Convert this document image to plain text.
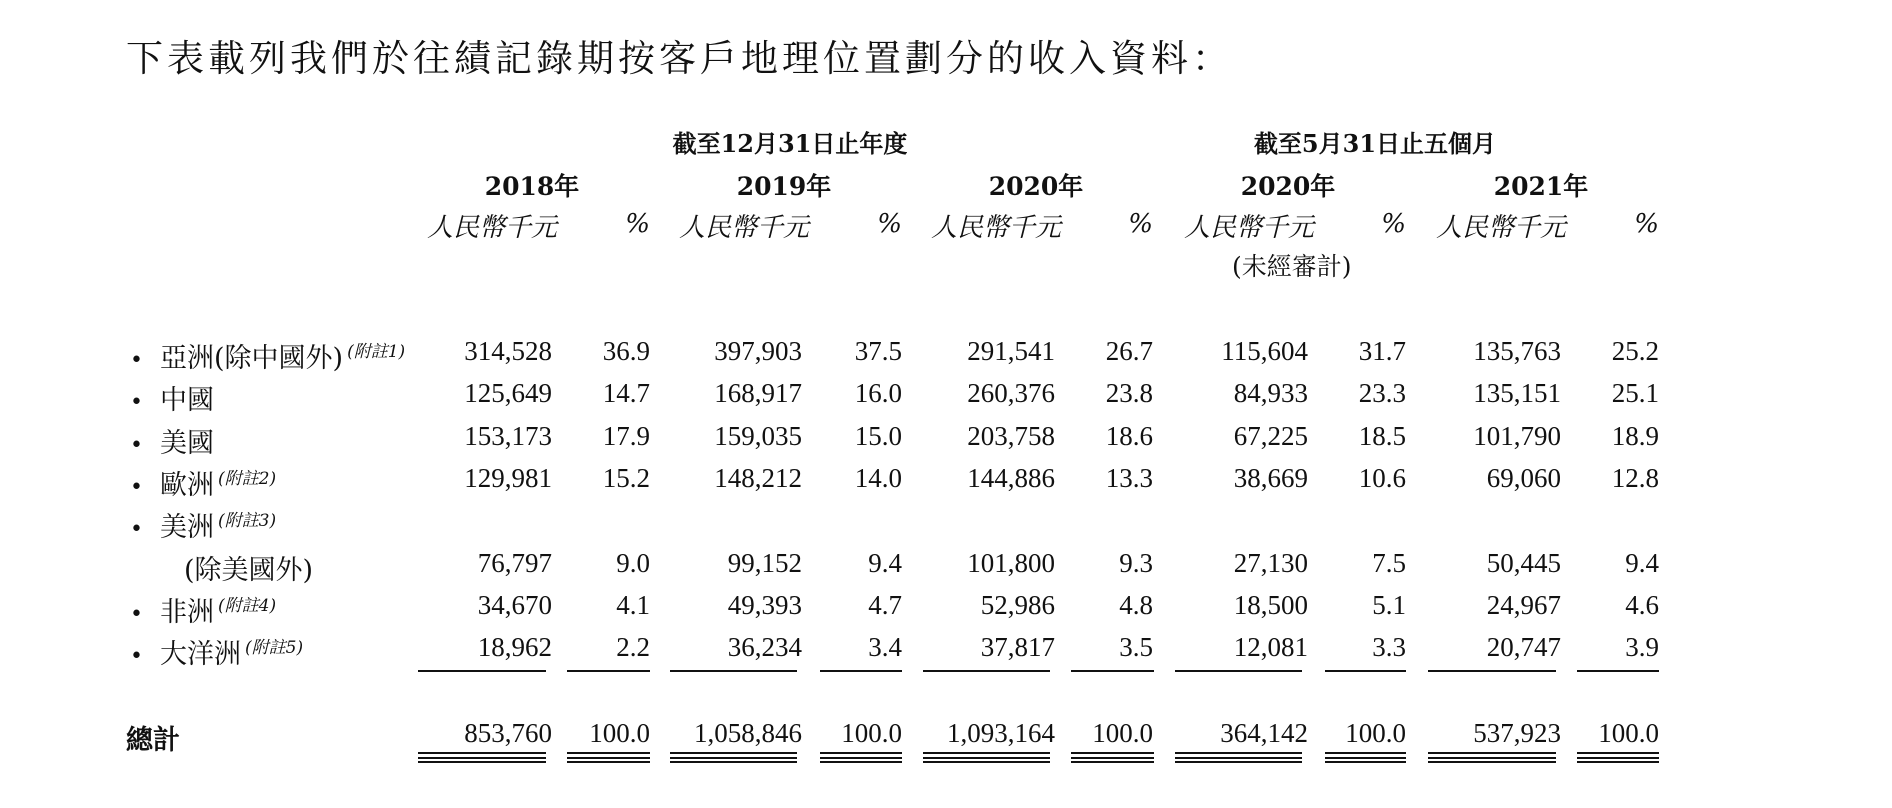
下表載列我們於往績記錄期按客戶地理位置劃分的收入資料：
截至12月31日止年度	截至5月31日止五個月
2018年	2019年	2020年	2020年	2021年
人民幣千元	% 人民幣千元	% 人民幣千元	% 人民幣千元	% 人民幣千元	%
(未經審計)
• 亞洲(除中國外) $^{(附註1)}$	314,528	36.9	397,903	37.5	291,541	26.7	115,604	31.7	135,763	25.2
• 中國	125,649	14.7	168,917	16.0	260,376	23.8	84,933	23.3	135,151	25.1
• 美國	153,173	17.9	159,035	15.0	203,758	18.6	67,225	18.5	101,790	18.9
• 歐洲 $^{(附註2)}$	129,981	15.2	148,212	14.0	144,886	13.3	38,669	10.6	69,060	12.8
• 美洲 $^{(附註3)}$
(除美國外)	76,797	9.0	99,152	9.4	101,800	9.3	27,130	7.5	50,445	9.4
• 非洲 $^{(附註4)}$	34,670	4.1	49,393	4.7	52,986	4.8	18,500	5.1	24,967	4.6
• 大洋洲 $^{(附註5)}$	18,962	2.2	36,234	3.4	37,817	3.5	12,081	3.3	20,747	3.9
總計	853,760	100.0	1,058,846	100.0	1,093,164	100.0	364,142	100.0	537,923	100.0
